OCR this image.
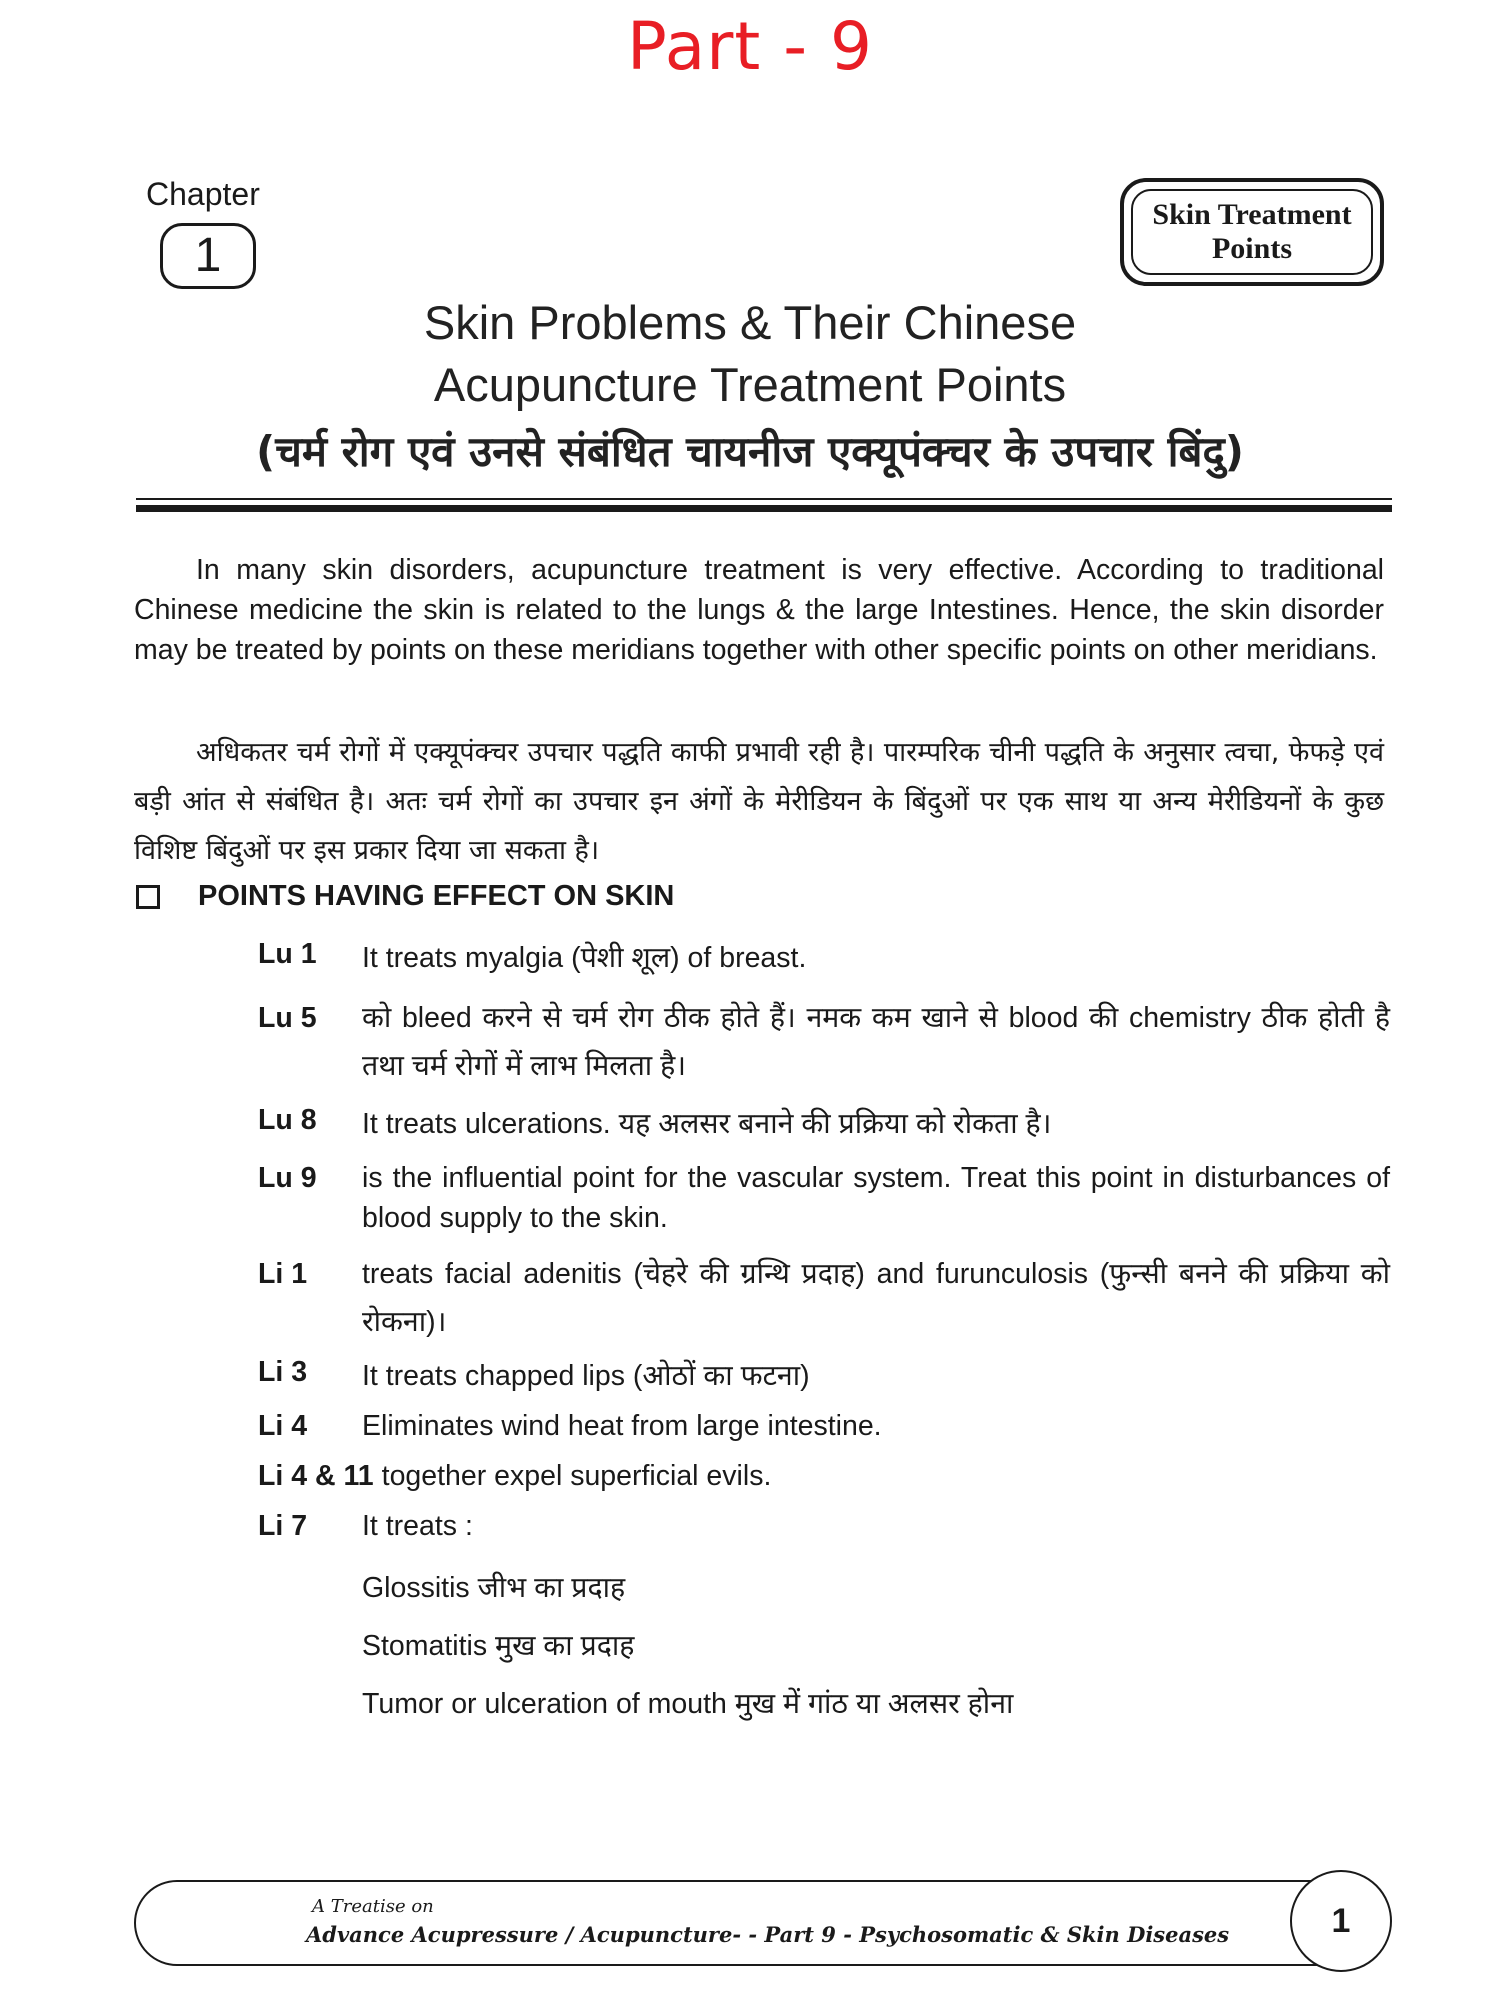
Part - 9
Chapter
1
Skin Treatment
Points
Skin Problems & Their Chinese
Acupuncture Treatment Points
(चर्म रोग एवं उनसे संबंधित चायनीज एक्यूपंक्चर के उपचार बिंदु)
In many skin disorders, acupuncture treatment is very effective. According to traditional Chinese medicine the skin is related to the lungs & the large Intestines. Hence, the skin disorder may be treated by points on these meridians together with other specific points on other meridians.
अधिकतर चर्म रोगों में एक्यूपंक्चर उपचार पद्धति काफी प्रभावी रही है। पारम्परिक चीनी पद्धति के अनुसार त्वचा, फेफड़े एवं बड़ी आंत से संबंधित है। अतः चर्म रोगों का उपचार इन अंगों के मेरीडियन के बिंदुओं पर एक साथ या अन्य मेरीडियनों के कुछ विशिष्ट बिंदुओं पर इस प्रकार दिया जा सकता है।
POINTS HAVING EFFECT ON SKIN
Lu 1	It treats myalgia (पेशी शूल) of breast.
Lu 5	को bleed करने से चर्म रोग ठीक होते हैं। नमक कम खाने से blood की chemistry ठीक होती है तथा चर्म रोगों में लाभ मिलता है।
Lu 8	It treats ulcerations. यह अलसर बनाने की प्रक्रिया को रोकता है।
Lu 9	is the influential point for the vascular system. Treat this point in disturbances of blood supply to the skin.
Li 1	treats facial adenitis (चेहरे की ग्रन्थि प्रदाह) and furunculosis (फुन्सी बनने की प्रक्रिया को रोकना)।
Li 3	It treats chapped lips (ओठों का फटना)
Li 4	Eliminates wind heat from large intestine.
Li 4 & 11 together expel superficial evils.
Li 7	It treats :
Glossitis जीभ का प्रदाह
Stomatitis मुख का प्रदाह
Tumor or ulceration of mouth मुख में गांठ या अलसर होना
A Treatise on
Advance Acupressure / Acupuncture- - Part 9 - Psychosomatic & Skin Diseases	1
